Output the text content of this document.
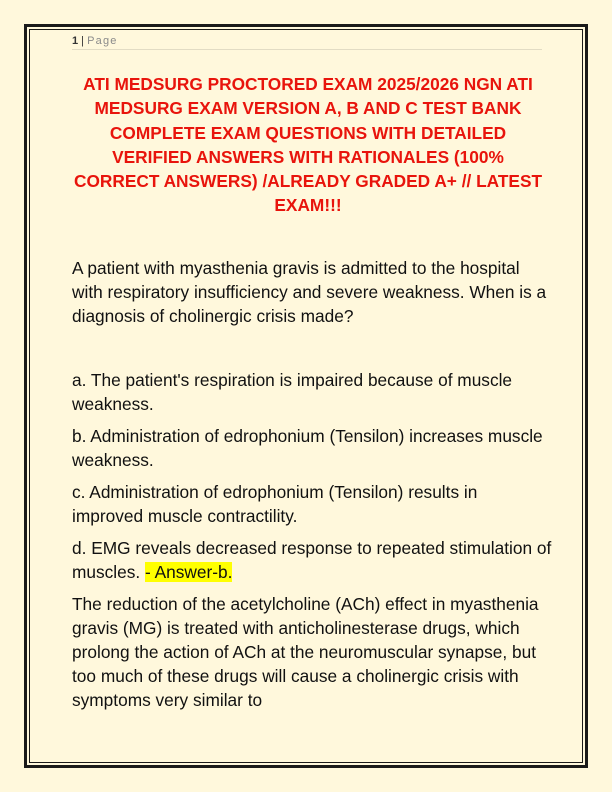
1 | Page
ATI MEDSURG PROCTORED EXAM 2025/2026 NGN ATI MEDSURG EXAM VERSION A, B AND C TEST BANK COMPLETE EXAM QUESTIONS WITH DETAILED VERIFIED ANSWERS WITH RATIONALES (100% CORRECT ANSWERS) /ALREADY GRADED A+ // LATEST EXAM!!!
A patient with myasthenia gravis is admitted to the hospital with respiratory insufficiency and severe weakness. When is a diagnosis of cholinergic crisis made?
a. The patient's respiration is impaired because of muscle weakness.
b. Administration of edrophonium (Tensilon) increases muscle weakness.
c. Administration of edrophonium (Tensilon) results in improved muscle contractility.
d. EMG reveals decreased response to repeated stimulation of muscles. - Answer-b.
The reduction of the acetylcholine (ACh) effect in myasthenia gravis (MG) is treated with anticholinesterase drugs, which prolong the action of ACh at the neuromuscular synapse, but too much of these drugs will cause a cholinergic crisis with symptoms very similar to
